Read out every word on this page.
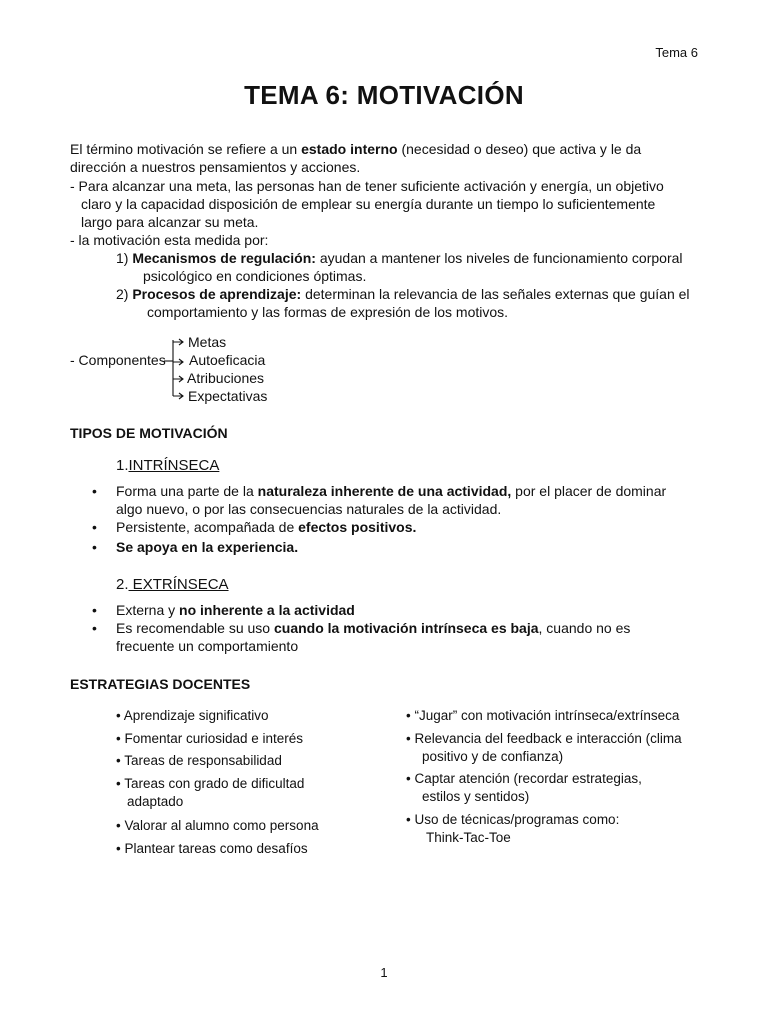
Tema 6
TEMA 6: MOTIVACIÓN
El término motivación se refiere a un estado interno (necesidad o deseo) que activa y le da
dirección a nuestros pensamientos y acciones.
- Para alcanzar una meta, las personas han de tener suficiente activación y energía, un objetivo
claro y la capacidad disposición de emplear su energía durante un tiempo lo suficientemente
largo para alcanzar su meta.
- la motivación esta medida por:
1) Mecanismos de regulación: ayudan a mantener los niveles de funcionamiento corporal
psicológico en condiciones óptimas.
2) Procesos de aprendizaje: determinan la relevancia de las señales externas que guían el
comportamiento y las formas de expresión de los motivos.
- Componentes
Metas
Autoeficacia
Atribuciones
Expectativas
TIPOS DE MOTIVACIÓN
1.INTRÍNSECA
• Forma una parte de la naturaleza inherente de una actividad, por el placer de dominar
algo nuevo, o por las consecuencias naturales de la actividad.
• Persistente, acompañada de efectos positivos.
• Se apoya en la experiencia.
2. EXTRÍNSECA
• Externa y no inherente a la actividad
• Es recomendable su uso cuando la motivación intrínseca es baja, cuando no es
frecuente un comportamiento
ESTRATEGIAS DOCENTES
• Aprendizaje significativo
• Fomentar curiosidad e interés
• Tareas de responsabilidad
• Tareas con grado de dificultad
adaptado
• Valorar al alumno como persona
• Plantear tareas como desafíos
• “Jugar” con motivación intrínseca/extrínseca
• Relevancia del feedback e interacción (clima
positivo y de confianza)
• Captar atención (recordar estrategias,
estilos y sentidos)
• Uso de técnicas/programas como:
Think-Tac-Toe
1
